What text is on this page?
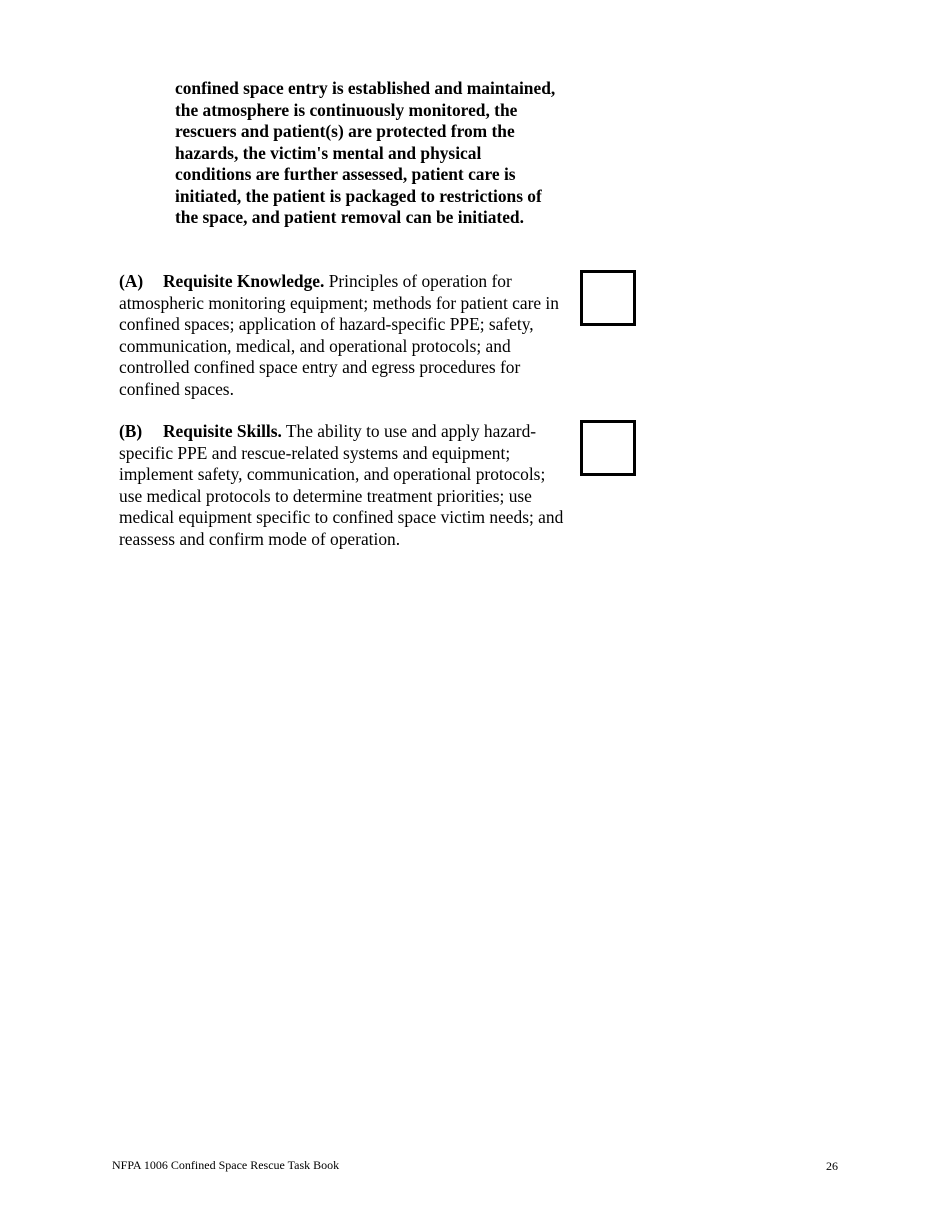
confined space entry is established and maintained, the atmosphere is continuously monitored, the rescuers and patient(s) are protected from the hazards, the victim's mental and physical conditions are further assessed, patient care is initiated, the patient is packaged to restrictions of the space, and patient removal can be initiated.

(A) Requisite Knowledge. Principles of operation for atmospheric monitoring equipment; methods for patient care in confined spaces; application of hazard-specific PPE; safety, communication, medical, and operational protocols; and controlled confined space entry and egress procedures for confined spaces.

(B) Requisite Skills. The ability to use and apply hazard-specific PPE and rescue-related systems and equipment; implement safety, communication, and operational protocols; use medical protocols to determine treatment priorities; use medical equipment specific to confined space victim needs; and reassess and confirm mode of operation.

NFPA 1006 Confined Space Rescue Task Book	26
